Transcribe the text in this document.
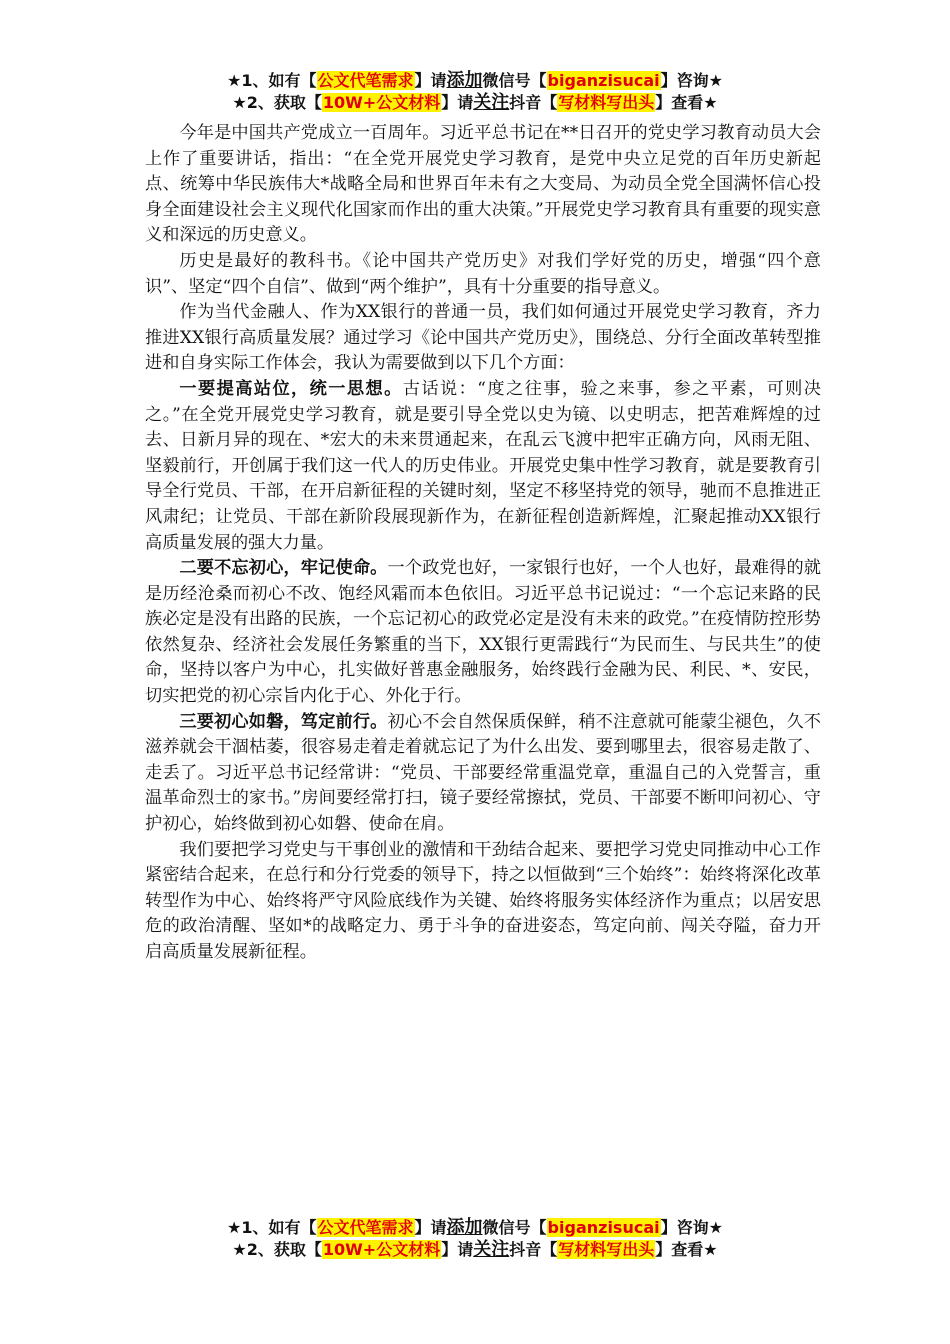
★1、如有【公文代笔需求】请添加微信号【biganzisucai】咨询★
★2、获取【10W+公文材料】请关注抖音【写材料写出头】查看★

今年是中国共产党成立一百周年。习近平总书记在**日召开的党史学习教育动员大会上作了重要讲话，指出：“在全党开展党史学习教育，是党中央立足党的百年历史新起点、统筹中华民族伟大*战略全局和世界百年未有之大变局、为动员全党全国满怀信心投身全面建设社会主义现代化国家而作出的重大决策。”开展党史学习教育具有重要的现实意义和深远的历史意义。

历史是最好的教科书。《论中国共产党历史》对我们学好党的历史，增强“四个意识”、坚定“四个自信”、做到“两个维护”，具有十分重要的指导意义。

作为当代金融人、作为XX银行的普通一员，我们如何通过开展党史学习教育，齐力推进XX银行高质量发展？通过学习《论中国共产党历史》，围绕总、分行全面改革转型推进和自身实际工作体会，我认为需要做到以下几个方面：

一要提高站位，统一思想。古话说：“度之往事，验之来事，参之平素，可则决之。”在全党开展党史学习教育，就是要引导全党以史为镜、以史明志，把苦难辉煌的过去、日新月异的现在、*宏大的未来贯通起来，在乱云飞渡中把牢正确方向，风雨无阻、坚毅前行，开创属于我们这一代人的历史伟业。开展党史集中性学习教育，就是要教育引导全行党员、干部，在开启新征程的关键时刻，坚定不移坚持党的领导，驰而不息推进正风肃纪；让党员、干部在新阶段展现新作为，在新征程创造新辉煌，汇聚起推动XX银行高质量发展的强大力量。

二要不忘初心，牢记使命。一个政党也好，一家银行也好，一个人也好，最难得的就是历经沧桑而初心不改、饱经风霜而本色依旧。习近平总书记说过：“一个忘记来路的民族必定是没有出路的民族，一个忘记初心的政党必定是没有未来的政党。”在疫情防控形势依然复杂、经济社会发展任务繁重的当下，XX银行更需践行“为民而生、与民共生”的使命，坚持以客户为中心，扎实做好普惠金融服务，始终践行金融为民、利民、*、安民，切实把党的初心宗旨内化于心、外化于行。

三要初心如磐，笃定前行。初心不会自然保质保鲜，稍不注意就可能蒙尘褪色，久不滋养就会干涸枯萎，很容易走着走着就忘记了为什么出发、要到哪里去，很容易走散了、走丢了。习近平总书记经常讲：“党员、干部要经常重温党章，重温自己的入党誓言，重温革命烈士的家书。”房间要经常打扫，镜子要经常擦拭，党员、干部要不断叩问初心、守护初心，始终做到初心如磐、使命在肩。

我们要把学习党史与干事创业的激情和干劲结合起来、要把学习党史同推动中心工作紧密结合起来，在总行和分行党委的领导下，持之以恒做到“三个始终”：始终将深化改革转型作为中心、始终将严守风险底线作为关键、始终将服务实体经济作为重点；以居安思危的政治清醒、坚如*的战略定力、勇于斗争的奋进姿态，笃定向前、闯关夺隘，奋力开启高质量发展新征程。

★1、如有【公文代笔需求】请添加微信号【biganzisucai】咨询★
★2、获取【10W+公文材料】请关注抖音【写材料写出头】查看★
